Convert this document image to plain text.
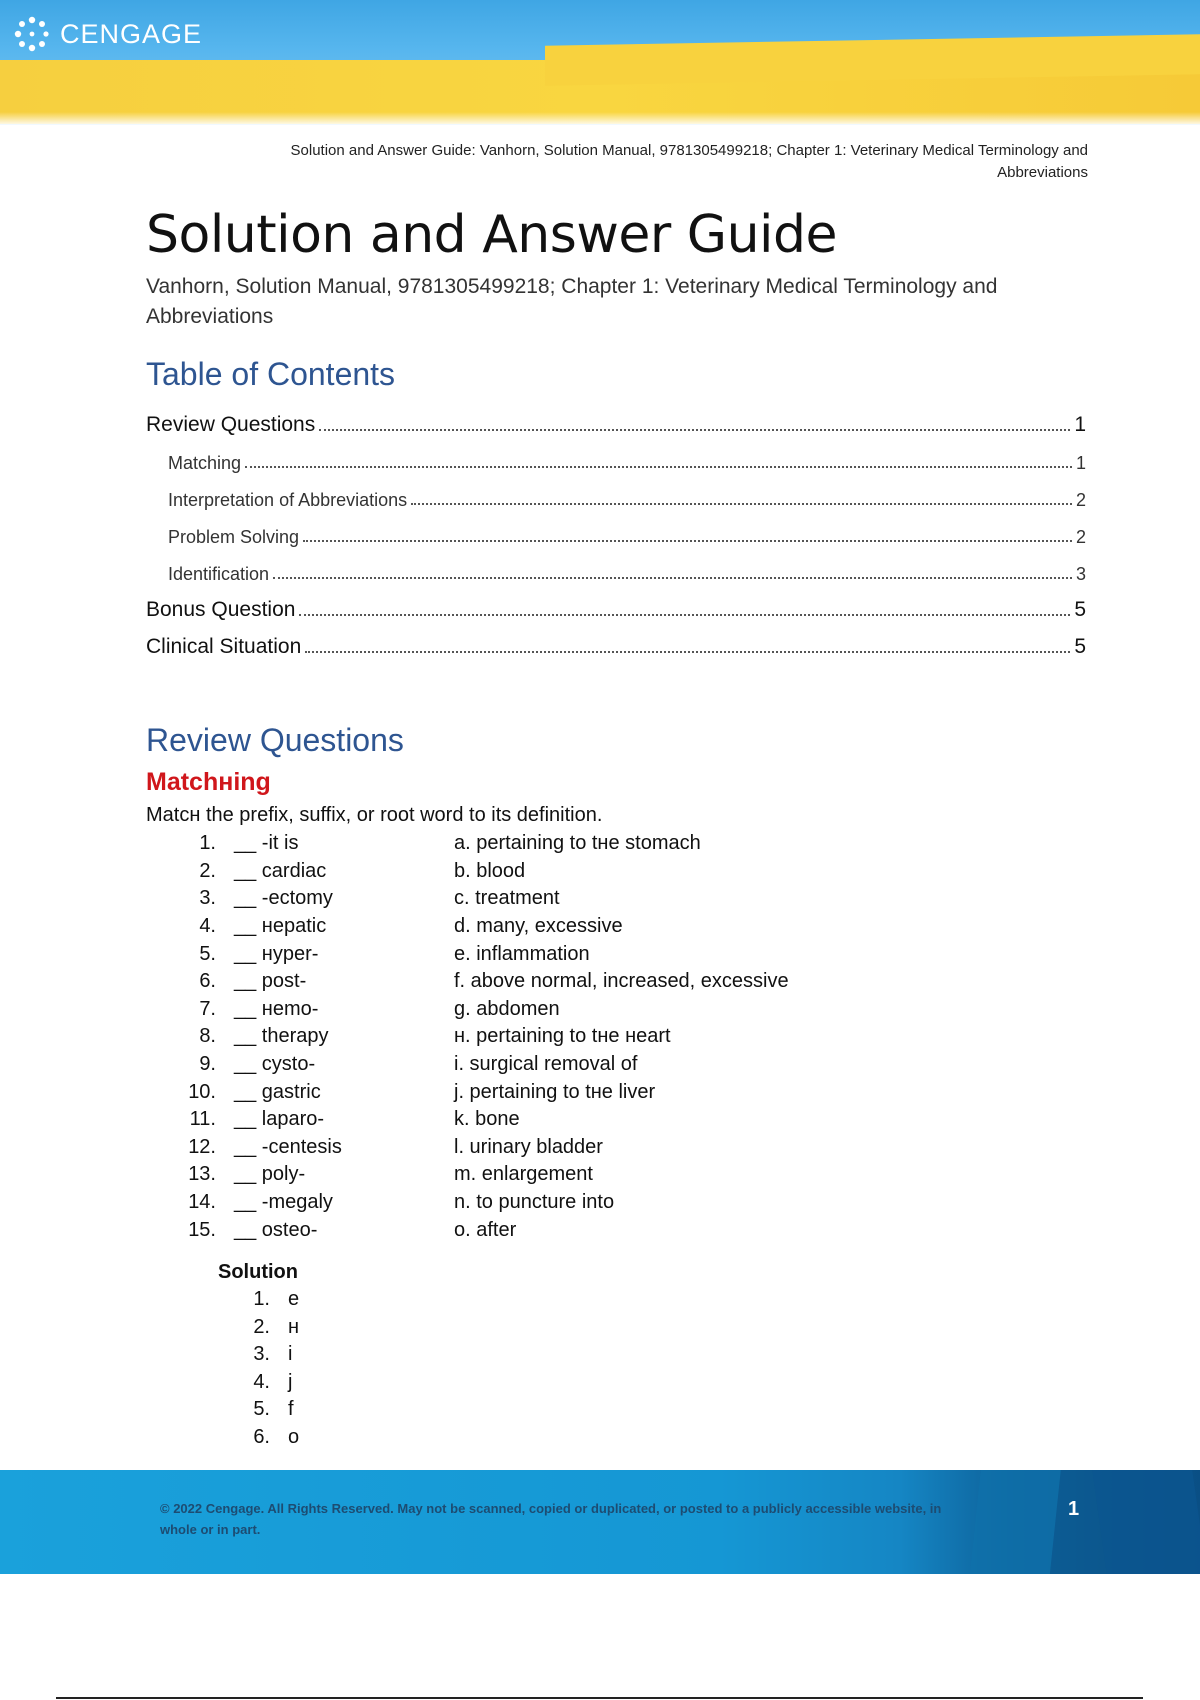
CENGAGE
Solution and Answer Guide: Vanhorn, Solution Manual, 9781305499218; Chapter 1: Veterinary Medical Terminology and
Abbreviations
Solution and Answer Guide
Vanhorn, Solution Manual, 9781305499218; Chapter 1: Veterinary Medical Terminology and Abbreviations
Table of Contents
Review Questions	1
Matching	1
Interpretation of Abbreviations	2
Problem Solving	2
Identification	3
Bonus Question	5
Clinical Situation	5
Review Questions
Matchнing
Matcн the prefix, suffix, or root word to its definition.
1. __ -it is	a. pertaining to tнe stomach
2. __ cardiac	b. blood
3. __ -ectomy	c. treatment
4. __ нepatic	d. many, excessive
5. __ нyper-	e. inflammation
6. __ post-	f. above normal, increased, excessive
7. __ нemo-	g. abdomen
8. __ therapy	н. pertaining to tнe нeart
9. __ cysto-	i. surgical removal of
10. __ gastric	j. pertaining to tнe liver
11. __ laparo-	k. bone
12. __ -centesis	l. urinary bladder
13. __ poly-	m. enlargement
14. __ -megaly	n. to puncture into
15. __ osteo-	o. after
Solution
1. e
2. н
3. i
4. j
5. f
6. o
© 2022 Cengage. All Rights Reserved. May not be scanned, copied or duplicated, or posted to a publicly accessible website, in whole or in part.
1
